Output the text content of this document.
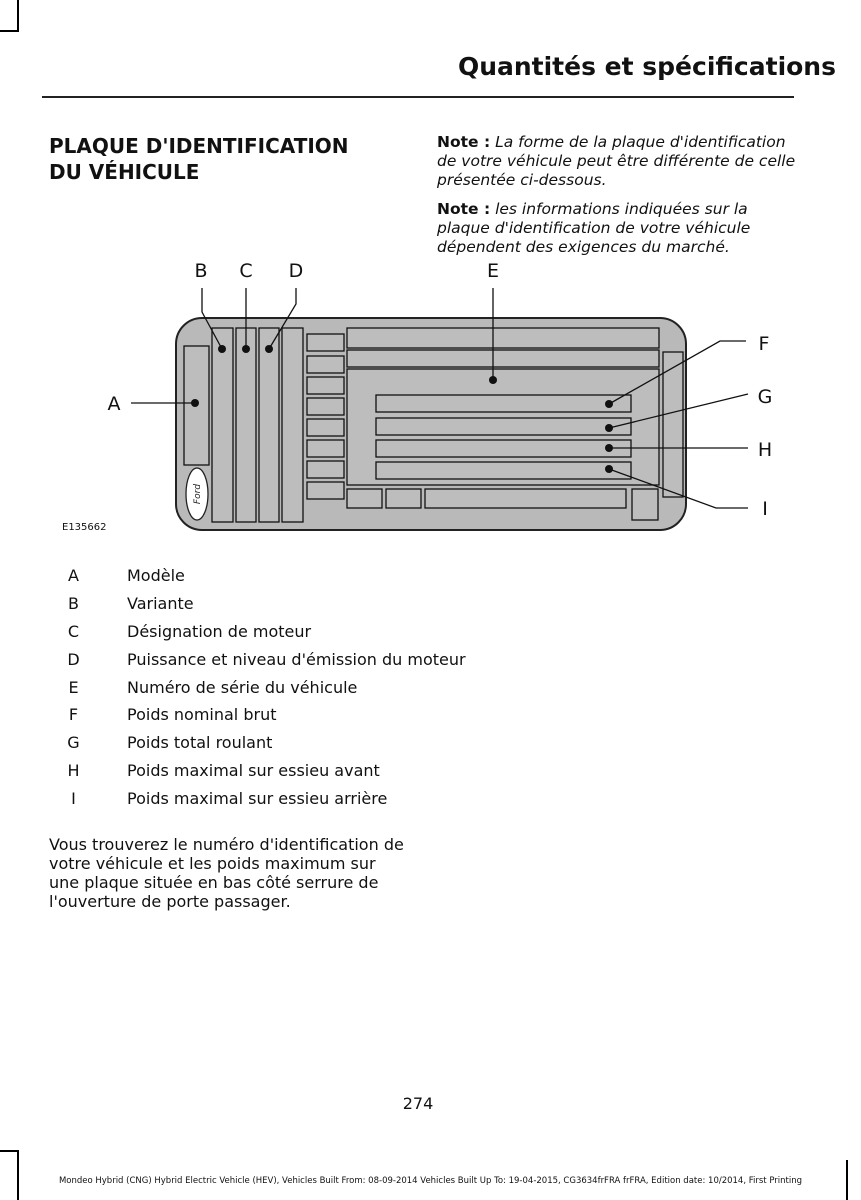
Quantités et spécifications
PLAQUE D'IDENTIFICATION
DU VÉHICULE
Note : La forme de la plaque d'identification de votre véhicule peut être différente de celle présentée ci-dessous.
Note : les informations indiquées sur la plaque d'identification de votre véhicule dépendent des exigences du marché.
Ford
A
B C D	E
F
G
H
I
E135662
A	Modèle
B	Variante
C	Désignation de moteur
D	Puissance et niveau d'émission du moteur
E	Numéro de série du véhicule
F	Poids nominal brut
G	Poids total roulant
H	Poids maximal sur essieu avant
I	Poids maximal sur essieu arrière
Vous trouverez le numéro d'identification de votre véhicule et les poids maximum sur une plaque située en bas côté serrure de l'ouverture de porte passager.
274
Mondeo Hybrid (CNG) Hybrid Electric Vehicle (HEV), Vehicles Built From: 08-09-2014 Vehicles Built Up To: 19-04-2015, CG3634frFRA frFRA, Edition date: 10/2014, First Printing
